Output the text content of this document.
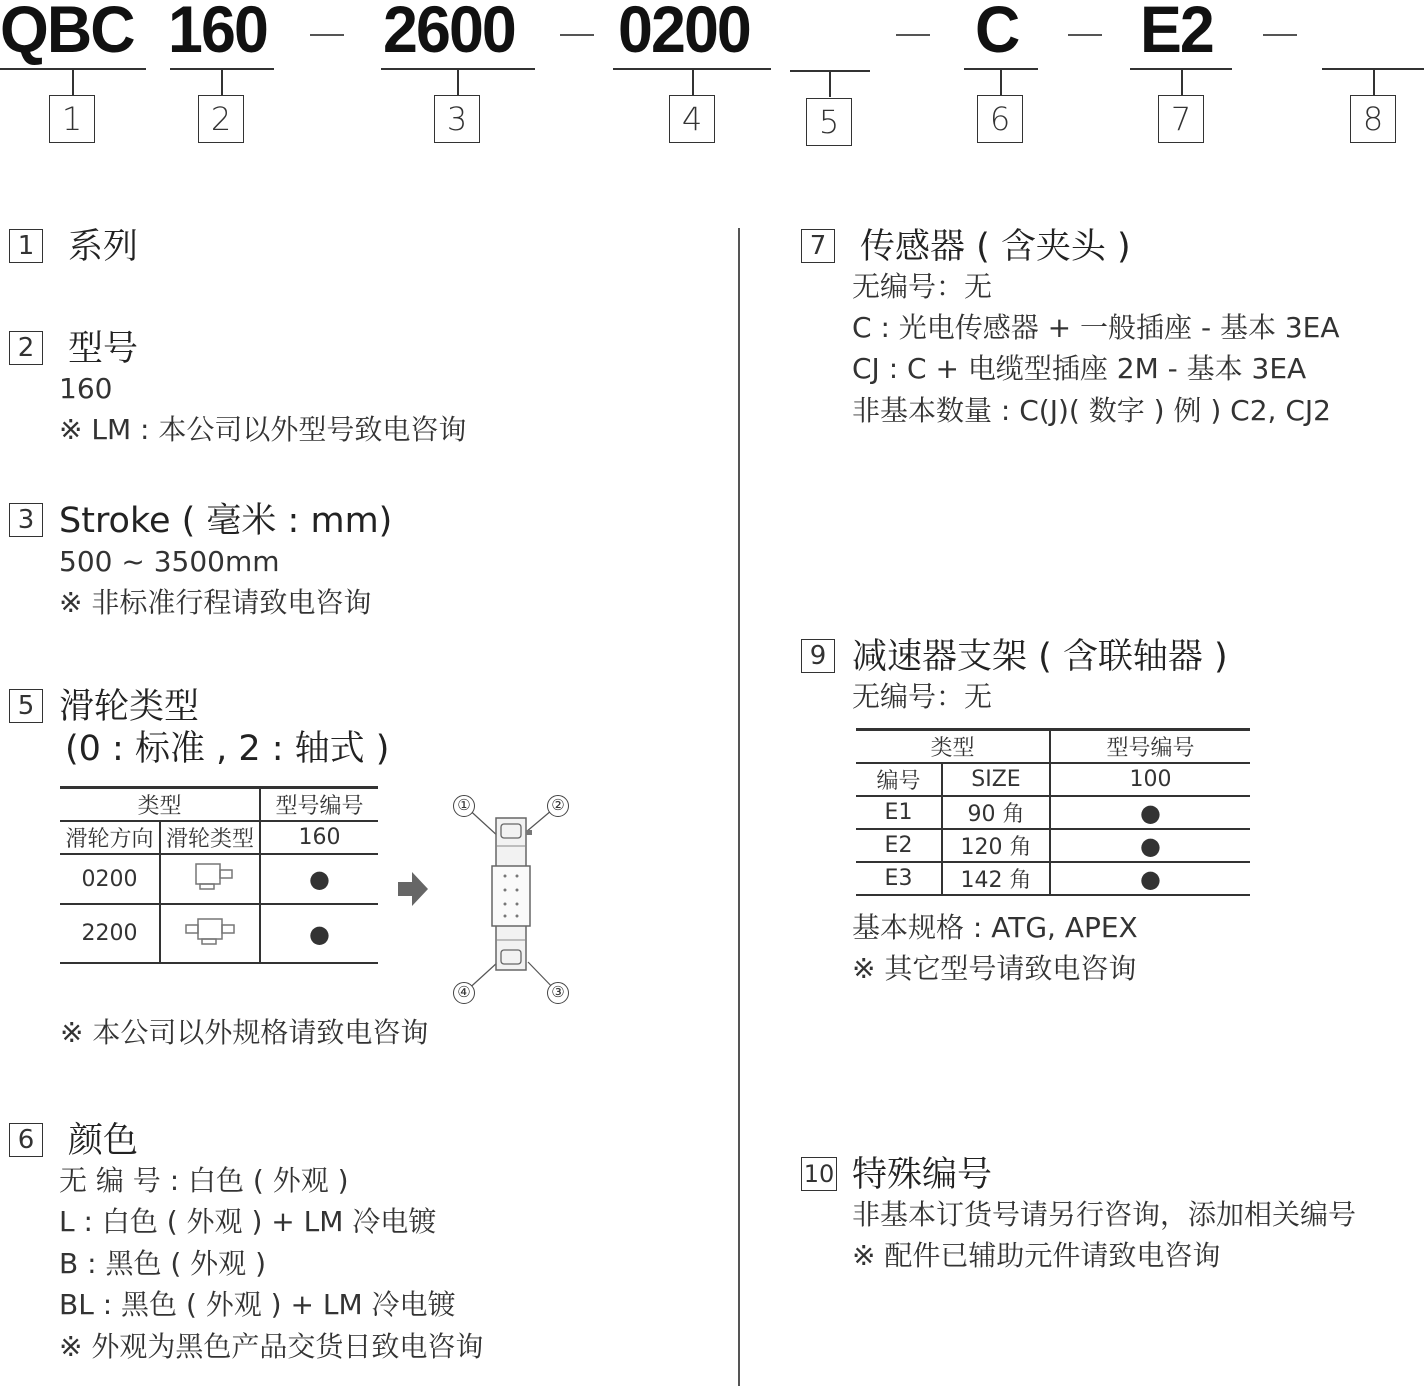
QBC 160 2600 0200	C E2
1	2	3	4	5	6	7	8
1 系列
2 型号
160
※ LM : 本公司以外型号致电咨询
3 Stroke ( 毫米 : mm)
500 ~ 3500mm
※ 非标准行程请致电咨询
5 滑轮类型
(0 : 标准 , 2 : 轴式 )
类型		型号编号
滑轮方向	滑轮类型	160
0200		●
2200		●
①	②
③
④
※ 本公司以外规格请致电咨询
6 颜色
无 编 号 : 白色 ( 外观 )
L : 白色 ( 外观 ) + LM 冷电镀
B : 黑色 ( 外观 )
BL : 黑色 ( 外观 ) + LM 冷电镀
※ 外观为黑色产品交货日致电咨询
7 传感器 ( 含夹头 )
无编号：无
C : 光电传感器 + 一般插座 - 基本 3EA
CJ : C + 电缆型插座 2M - 基本 3EA
非基本数量 : C(J)( 数字 ) 例 ) C2, CJ2
9 减速器支架 ( 含联轴器 )
无编号：无
类型		型号编号
编号	SIZE	100
E1	90 角	●
E2	120 角	●
E3	142 角	●
基本规格 : ATG, APEX
※ 其它型号请致电咨询
10 特殊编号
非基本订货号请另行咨询，添加相关编号
※ 配件已辅助元件请致电咨询
